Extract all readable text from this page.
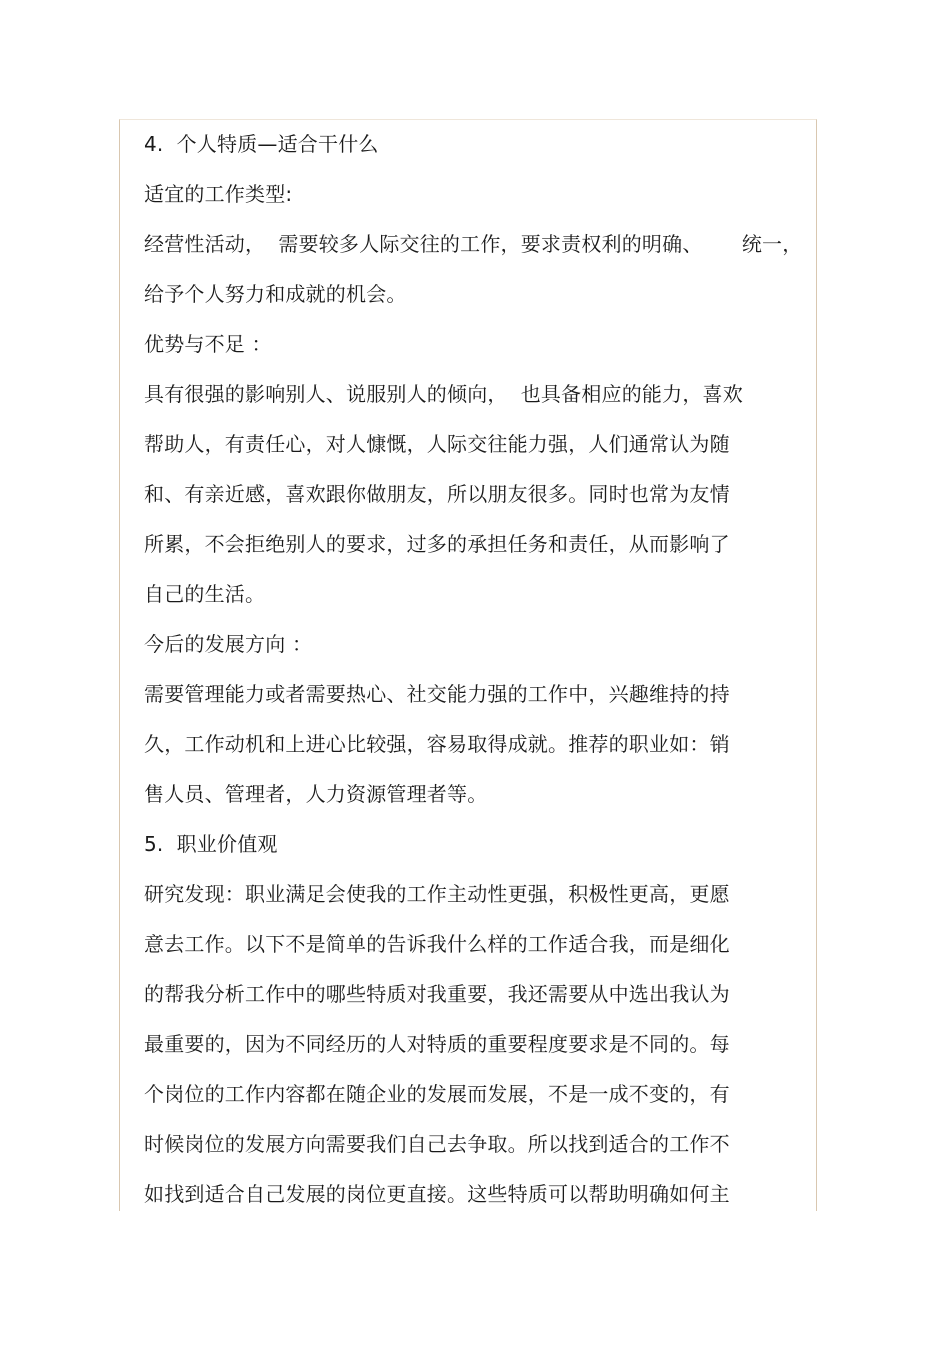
4.  个人特质—适合干什么
适宜的工作类型:
经营性活动，  需要较多人际交往的工作，要求责权利的明确、      统一，
给予个人努力和成就的机会。
优势与不足 ：
具有很强的影响别人、说服别人的倾向，  也具备相应的能力，喜欢
帮助人，有责任心，对人慷慨，人际交往能力强，人们通常认为随
和、有亲近感，喜欢跟你做朋友，所以朋友很多。同时也常为友情
所累，不会拒绝别人的要求，过多的承担任务和责任，从而影响了
自己的生活。
今后的发展方向 ：
需要管理能力或者需要热心、社交能力强的工作中，兴趣维持的持
久，工作动机和上进心比较强，容易取得成就。推荐的职业如：销
售人员、管理者，人力资源管理者等。
5.  职业价值观
研究发现：职业满足会使我的工作主动性更强，积极性更高，更愿
意去工作。以下不是简单的告诉我什么样的工作适合我，而是细化
的帮我分析工作中的哪些特质对我重要，我还需要从中选出我认为
最重要的，因为不同经历的人对特质的重要程度要求是不同的。每
个岗位的工作内容都在随企业的发展而发展，不是一成不变的，有
时候岗位的发展方向需要我们自己去争取。所以找到适合的工作不
如找到适合自己发展的岗位更直接。这些特质可以帮助明确如何主
